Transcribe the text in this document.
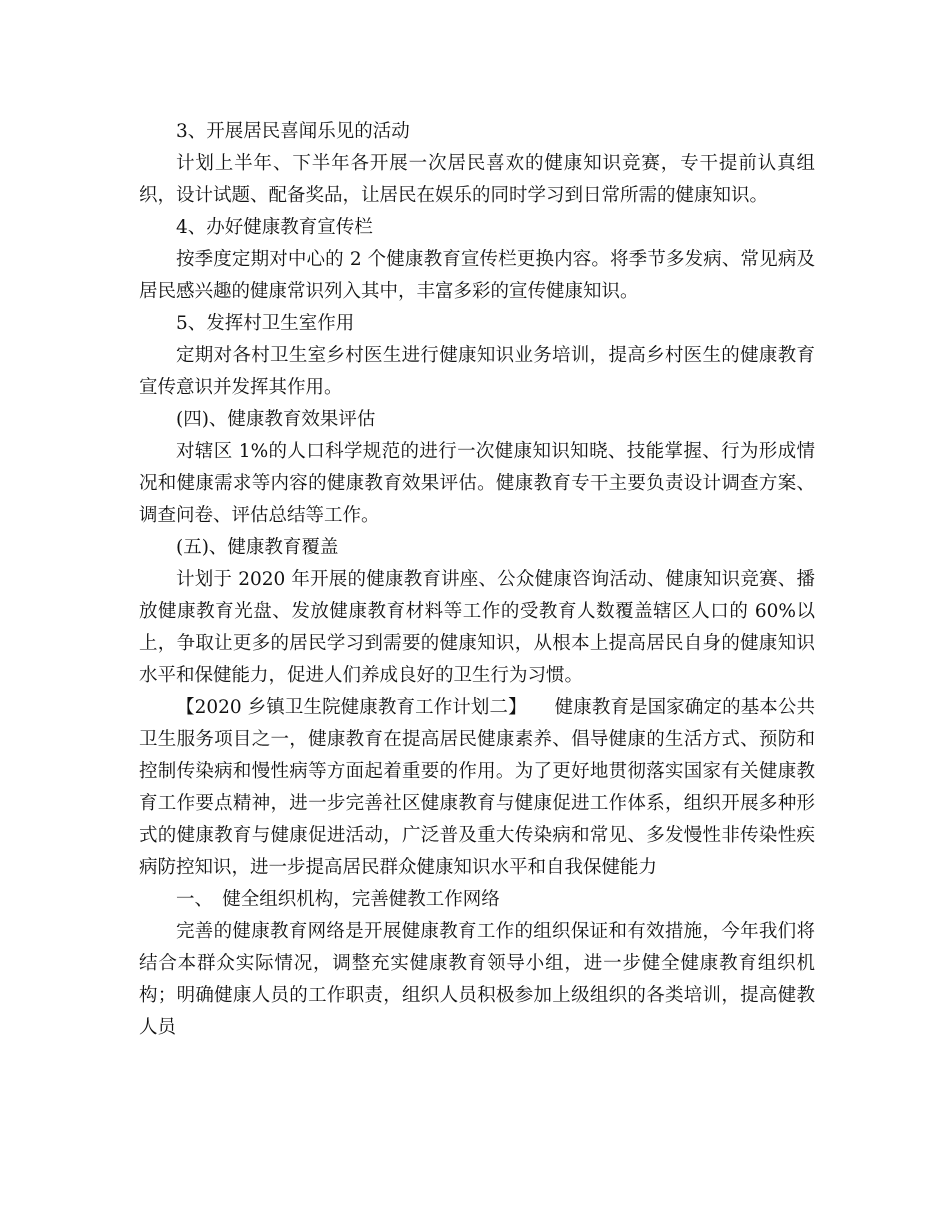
3、开展居民喜闻乐见的活动

计划上半年、下半年各开展一次居民喜欢的健康知识竞赛，专干提前认真组织，设计试题、配备奖品，让居民在娱乐的同时学习到日常所需的健康知识。

4、办好健康教育宣传栏

按季度定期对中心的 2 个健康教育宣传栏更换内容。将季节多发病、常见病及居民感兴趣的健康常识列入其中，丰富多彩的宣传健康知识。

5、发挥村卫生室作用

定期对各村卫生室乡村医生进行健康知识业务培训，提高乡村医生的健康教育宣传意识并发挥其作用。

(四)、健康教育效果评估

对辖区 1%的人口科学规范的进行一次健康知识知晓、技能掌握、行为形成情况和健康需求等内容的健康教育效果评估。健康教育专干主要负责设计调查方案、调查问卷、评估总结等工作。

(五)、健康教育覆盖

计划于 2020 年开展的健康教育讲座、公众健康咨询活动、健康知识竞赛、播放健康教育光盘、发放健康教育材料等工作的受教育人数覆盖辖区人口的 60%以上，争取让更多的居民学习到需要的健康知识，从根本上提高居民自身的健康知识水平和保健能力，促进人们养成良好的卫生行为习惯。

【2020 乡镇卫生院健康教育工作计划二】　　健康教育是国家确定的基本公共卫生服务项目之一，健康教育在提高居民健康素养、倡导健康的生活方式、预防和控制传染病和慢性病等方面起着重要的作用。为了更好地贯彻落实国家有关健康教育工作要点精神，进一步完善社区健康教育与健康促进工作体系，组织开展多种形式的健康教育与健康促进活动，广泛普及重大传染病和常见、多发慢性非传染性疾病防控知识，进一步提高居民群众健康知识水平和自我保健能力

一、　健全组织机构，完善健教工作网络

完善的健康教育网络是开展健康教育工作的组织保证和有效措施，今年我们将结合本群众实际情况，调整充实健康教育领导小组，进一步健全健康教育组织机构；明确健康人员的工作职责，组织人员积极参加上级组织的各类培训，提高健教人员
